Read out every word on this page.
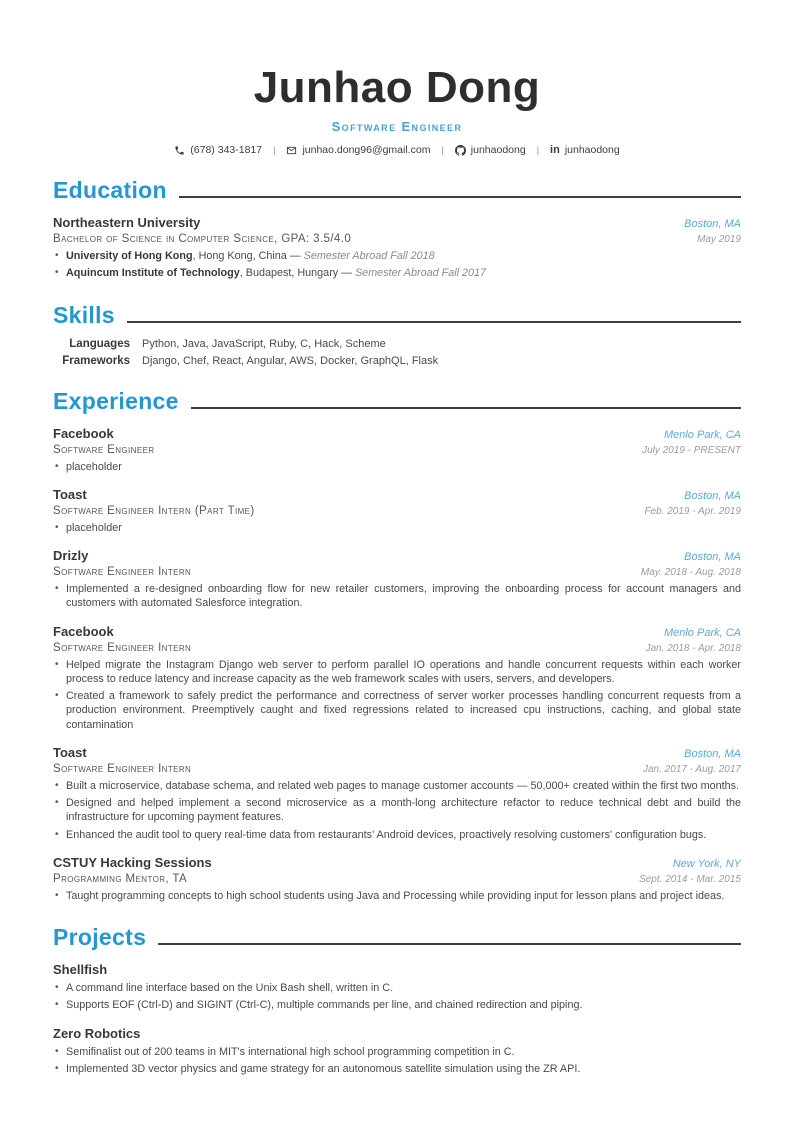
Junhao Dong
Software Engineer
(678) 343-1817 |	junhao.dong96@gmail.com |	junhaodong | in junhaodong
Education
Northeastern University	Boston, MA
Bachelor of Science in Computer Science, GPA: 3.5/4.0	May 2019
• University of Hong Kong, Hong Kong, China — Semester Abroad Fall 2018
• Aquincum Institute of Technology, Budapest, Hungary — Semester Abroad Fall 2017
Skills
Languages Python, Java, JavaScript, Ruby, C, Hack, Scheme
Frameworks Django, Chef, React, Angular, AWS, Docker, GraphQL, Flask
Experience
Facebook	Menlo Park, CA
Software Engineer	July 2019 - PRESENT
• placeholder
Toast	Boston, MA
Software Engineer Intern (Part Time)	Feb. 2019 - Apr. 2019
• placeholder
Drizly	Boston, MA
Software Engineer Intern	May. 2018 - Aug. 2018
• Implemented a re-designed onboarding flow for new retailer customers, improving the onboarding process for account managers and customers with automated Salesforce integration.
Facebook	Menlo Park, CA
Software Engineer Intern	Jan. 2018 - Apr. 2018
• Helped migrate the Instagram Django web server to perform parallel IO operations and handle concurrent requests within each worker process to reduce latency and increase capacity as the web framework scales with users, servers, and developers.
• Created a framework to safely predict the performance and correctness of server worker processes handling concurrent requests from a production environment. Preemptively caught and fixed regressions related to increased cpu instructions, caching, and global state contamination
Toast	Boston, MA
Software Engineer Intern	Jan. 2017 - Aug. 2017
• Built a microservice, database schema, and related web pages to manage customer accounts — 50,000+ created within the first two months.
• Designed and helped implement a second microservice as a month-long architecture refactor to reduce technical debt and build the infrastructure for upcoming payment features.
• Enhanced the audit tool to query real-time data from restaurants' Android devices, proactively resolving customers' configuration bugs.
CSTUY Hacking Sessions	New York, NY
Programming Mentor, TA	Sept. 2014 - Mar. 2015
• Taught programming concepts to high school students using Java and Processing while providing input for lesson plans and project ideas.
Projects
Shellfish
• A command line interface based on the Unix Bash shell, written in C.
• Supports EOF (Ctrl-D) and SIGINT (Ctrl-C), multiple commands per line, and chained redirection and piping.
Zero Robotics
• Semifinalist out of 200 teams in MIT's international high school programming competition in C.
• Implemented 3D vector physics and game strategy for an autonomous satellite simulation using the ZR API.
